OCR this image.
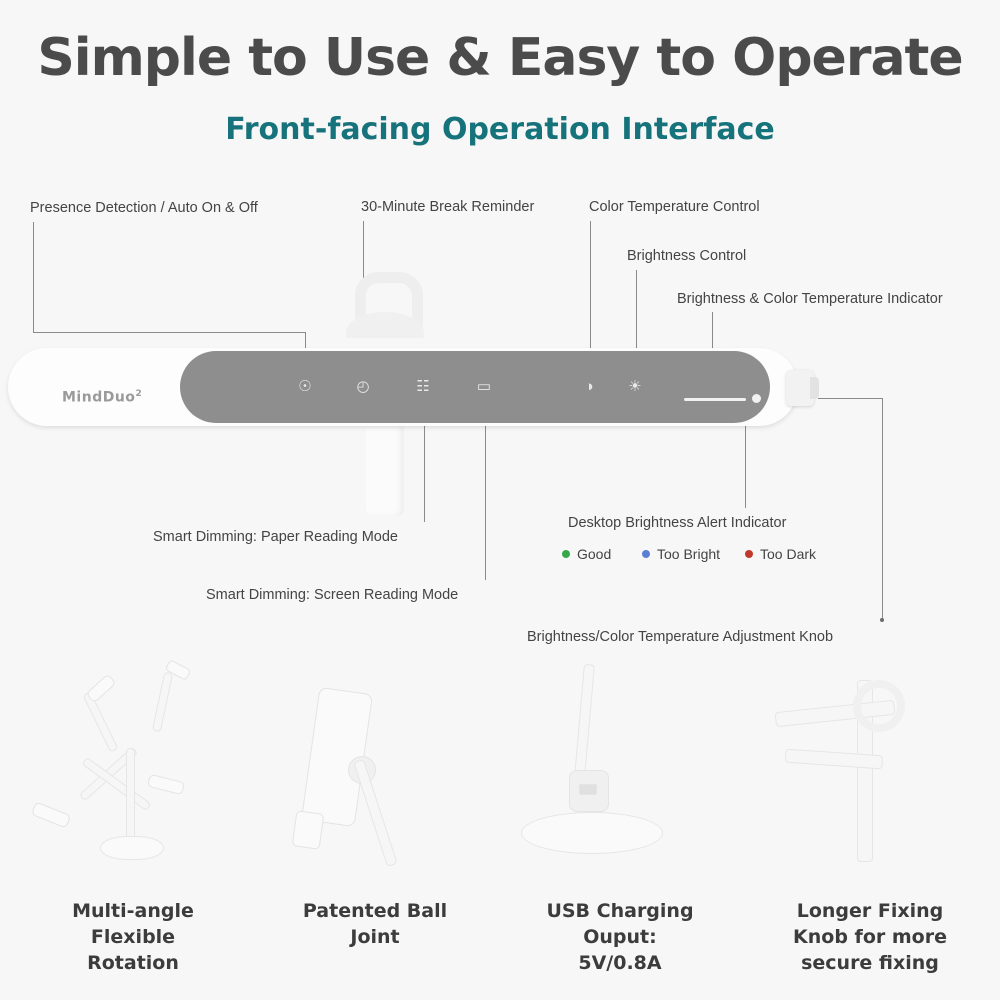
Simple to Use & Easy to Operate
Front-facing Operation Interface
Presence Detection / Auto On & Off	30-Minute Break Reminder	Color Temperature Control
Brightness Control
Brightness & Color Temperature Indicator
Smart Dimming: Paper Reading Mode
Smart Dimming: Screen Reading Mode
Desktop Brightness Alert Indicator
Brightness/Color Temperature Adjustment Knob
MindDuo$^2$	☉	◴	☷	▭	◑	☀
Good	Too Bright	Too Dark
Multi-angle
Flexible
Rotation
Patented Ball
Joint
USB Charging
Ouput:
5V/0.8A
Longer Fixing
Knob for more
secure fixing
